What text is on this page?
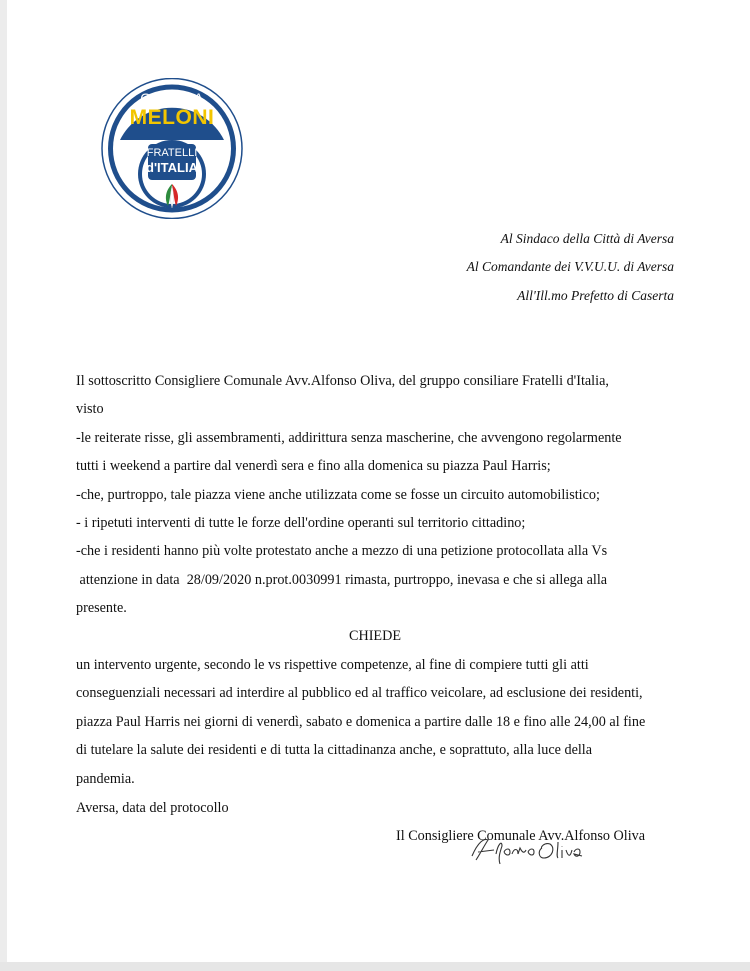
GIORGIA
MELONI
FRATELLI
d'ITALIA
Al Sindaco della Città di Aversa
Al Comandante dei V.V.U.U. di Aversa
All'Ill.mo Prefetto di Caserta
Il sottoscritto Consigliere Comunale Avv.Alfonso Oliva, del gruppo consiliare Fratelli d'Italia,
visto
-le reiterate risse, gli assembramenti, addirittura senza mascherine, che avvengono regolarmente
tutti i weekend a partire dal venerdì sera e fino alla domenica su piazza Paul Harris;
-che, purtroppo, tale piazza viene anche utilizzata come se fosse un circuito automobilistico;
- i ripetuti interventi di tutte le forze dell'ordine operanti sul territorio cittadino;
-che i residenti hanno più volte protestato anche a mezzo di una petizione protocollata alla Vs
attenzione in data  28/09/2020 n.prot.0030991 rimasta, purtroppo, inevasa e che si allega alla
presente.
CHIEDE
un intervento urgente, secondo le vs rispettive competenze, al fine di compiere tutti gli atti
conseguenziali necessari ad interdire al pubblico ed al traffico veicolare, ad esclusione dei residenti,
piazza Paul Harris nei giorni di venerdì, sabato e domenica a partire dalle 18 e fino alle 24,00 al fine
di tutelare la salute dei residenti e di tutta la cittadinanza anche, e soprattuto, alla luce della
pandemia.
Aversa, data del protocollo
Il Consigliere Comunale Avv.Alfonso Oliva
